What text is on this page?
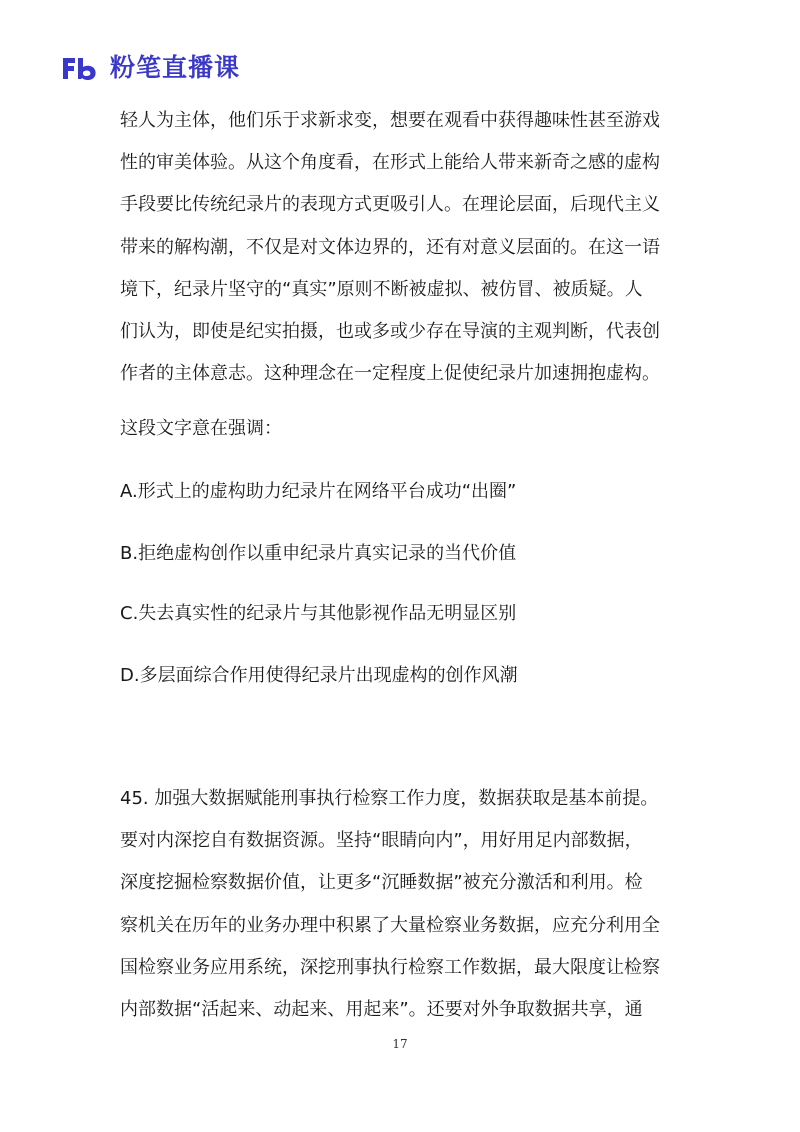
粉笔直播课

轻人为主体，他们乐于求新求变，想要在观看中获得趣味性甚至游戏

性的审美体验。从这个角度看，在形式上能给人带来新奇之感的虚构

手段要比传统纪录片的表现方式更吸引人。在理论层面，后现代主义

带来的解构潮，不仅是对文体边界的，还有对意义层面的。在这一语

境下，纪录片坚守的“真实”原则不断被虚拟、被仿冒、被质疑。人

们认为，即使是纪实拍摄，也或多或少存在导演的主观判断，代表创

作者的主体意志。这种理念在一定程度上促使纪录片加速拥抱虚构。

这段文字意在强调：

A.形式上的虚构助力纪录片在网络平台成功“出圈”

B.拒绝虚构创作以重申纪录片真实记录的当代价值

C.失去真实性的纪录片与其他影视作品无明显区别

D.多层面综合作用使得纪录片出现虚构的创作风潮

45. 加强大数据赋能刑事执行检察工作力度，数据获取是基本前提。

要对内深挖自有数据资源。坚持“眼睛向内”，用好用足内部数据，

深度挖掘检察数据价值，让更多“沉睡数据”被充分激活和利用。检

察机关在历年的业务办理中积累了大量检察业务数据，应充分利用全

国检察业务应用系统，深挖刑事执行检察工作数据，最大限度让检察

内部数据“活起来、动起来、用起来”。还要对外争取数据共享，通

17
